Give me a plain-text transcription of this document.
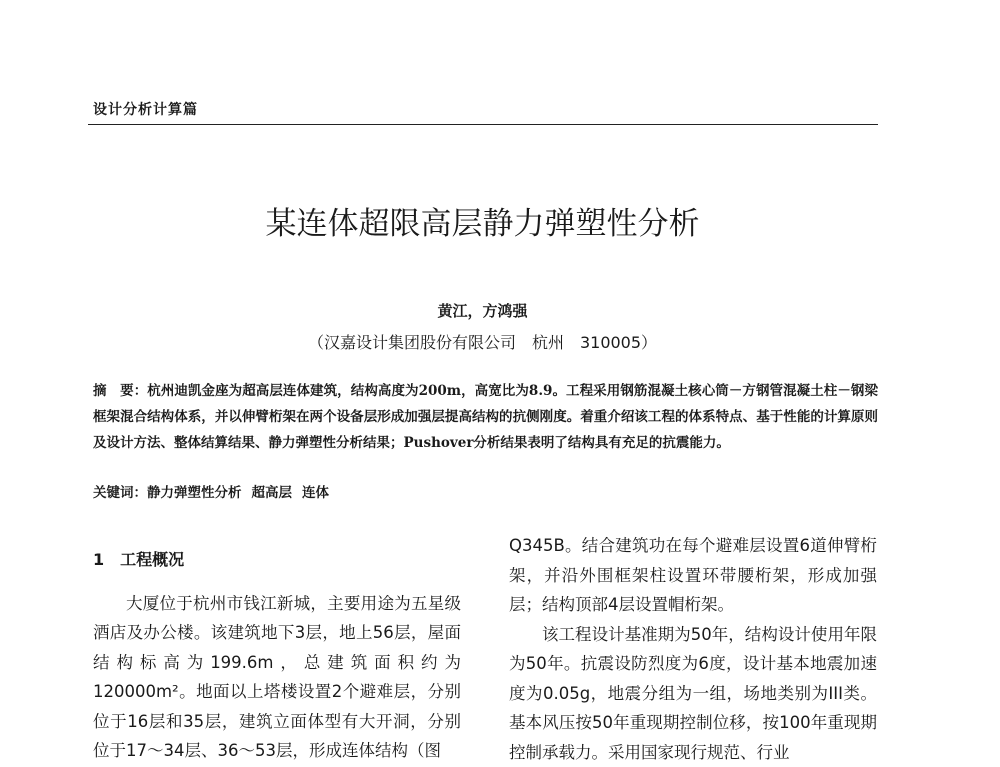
设计分析计算篇
某连体超限高层静力弹塑性分析
黄江，方鸿强
（汉嘉设计集团股份有限公司　杭州　310005）

摘　要：杭州迪凯金座为超高层连体建筑，结构高度为200m，高宽比为8.9。工程采用钢筋混凝土核心筒－方钢管混凝土柱－钢梁框架混合结构体系，并以伸臂桁架在两个设备层形成加强层提高结构的抗侧刚度。着重介绍该工程的体系特点、基于性能的计算原则及设计方法、整体结算结果、静力弹塑性分析结果；Pushover分析结果表明了结构具有充足的抗震能力。

关键词：静力弹塑性分析 超高层 连体

1　工程概况

大厦位于杭州市钱江新城，主要用途为五星级酒店及办公楼。该建筑地下3层，地上56层，屋面结构标高为199.6m，总建筑面积约为120000m²。地面以上塔楼设置2个避难层，分别位于16层和35层，建筑立面体型有大开洞，分别位于17～34层、36～53层，形成连体结构（图

Q345B。结合建筑功在每个避难层设置6道伸臂桁架，并沿外围框架柱设置环带腰桁架，形成加强层；结构顶部4层设置帽桁架。

该工程设计基准期为50年，结构设计使用年限为50年。抗震设防烈度为6度，设计基本地震加速度为0.05g，地震分组为一组，场地类别为III类。基本风压按50年重现期控制位移，按100年重现期控制承载力。采用国家现行规范、行业
